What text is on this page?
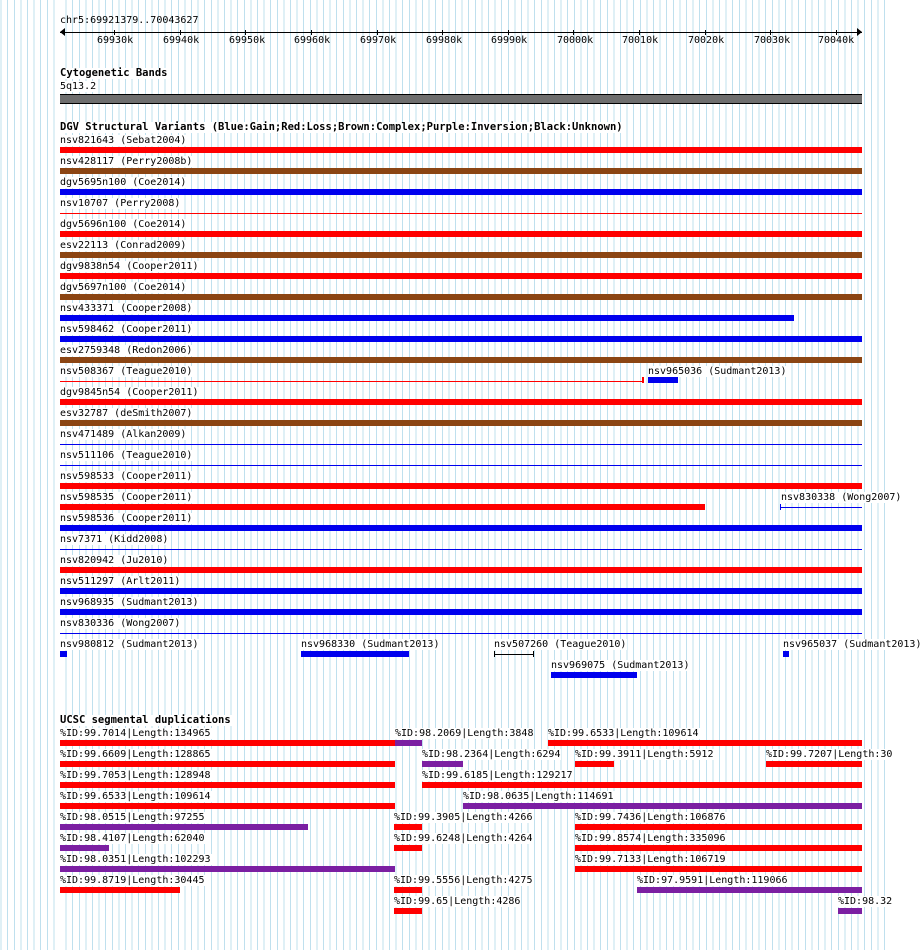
chr5:69921379..70043627
69930k	69940k	69950k	69960k	69970k	69980k	69990k	70000k	70010k	70020k	70030k	70040k
Cytogenetic Bands
5q13.2
DGV Structural Variants (Blue:Gain;Red:Loss;Brown:Complex;Purple:Inversion;Black:Unknown)
nsv821643 (Sebat2004)
nsv428117 (Perry2008b)
dgv5695n100 (Coe2014)
nsv10707 (Perry2008)
dgv5696n100 (Coe2014)
esv22113 (Conrad2009)
dgv9838n54 (Cooper2011)
dgv5697n100 (Coe2014)
nsv433371 (Cooper2008)
nsv598462 (Cooper2011)
esv2759348 (Redon2006)
nsv508367 (Teague2010)
dgv9845n54 (Cooper2011)
esv32787 (deSmith2007)
nsv471489 (Alkan2009)
nsv511106 (Teague2010)
nsv598533 (Cooper2011)
nsv598535 (Cooper2011)
nsv598536 (Cooper2011)
nsv7371 (Kidd2008)
nsv820942 (Ju2010)
nsv511297 (Arlt2011)
nsv968935 (Sudmant2013)
nsv830336 (Wong2007)
nsv980812 (Sudmant2013)
nsv965036 (Sudmant2013)
nsv830338 (Wong2007)
nsv968330 (Sudmant2013)	nsv507260 (Teague2010)	nsv965037 (Sudmant2013)
nsv969075 (Sudmant2013)
UCSC segmental duplications
%ID:99.7014|Length:134965	%ID:98.2069|Length:3848 %ID:99.6533|Length:109614
%ID:99.6609|Length:128865	%ID:98.2364|Length:6294 %ID:99.3911|Length:5912	%ID:99.7207|Length:30
%ID:99.7053|Length:128948	%ID:99.6185|Length:129217
%ID:99.6533|Length:109614	%ID:98.0635|Length:114691
%ID:98.0515|Length:97255	%ID:99.3905|Length:4266	%ID:99.7436|Length:106876
%ID:98.4107|Length:62040	%ID:99.6248|Length:4264	%ID:99.8574|Length:335096
%ID:98.0351|Length:102293	%ID:99.7133|Length:106719
%ID:99.8719|Length:30445	%ID:99.5556|Length:4275	%ID:97.9591|Length:119066
%ID:99.65|Length:4286	%ID:98.32
